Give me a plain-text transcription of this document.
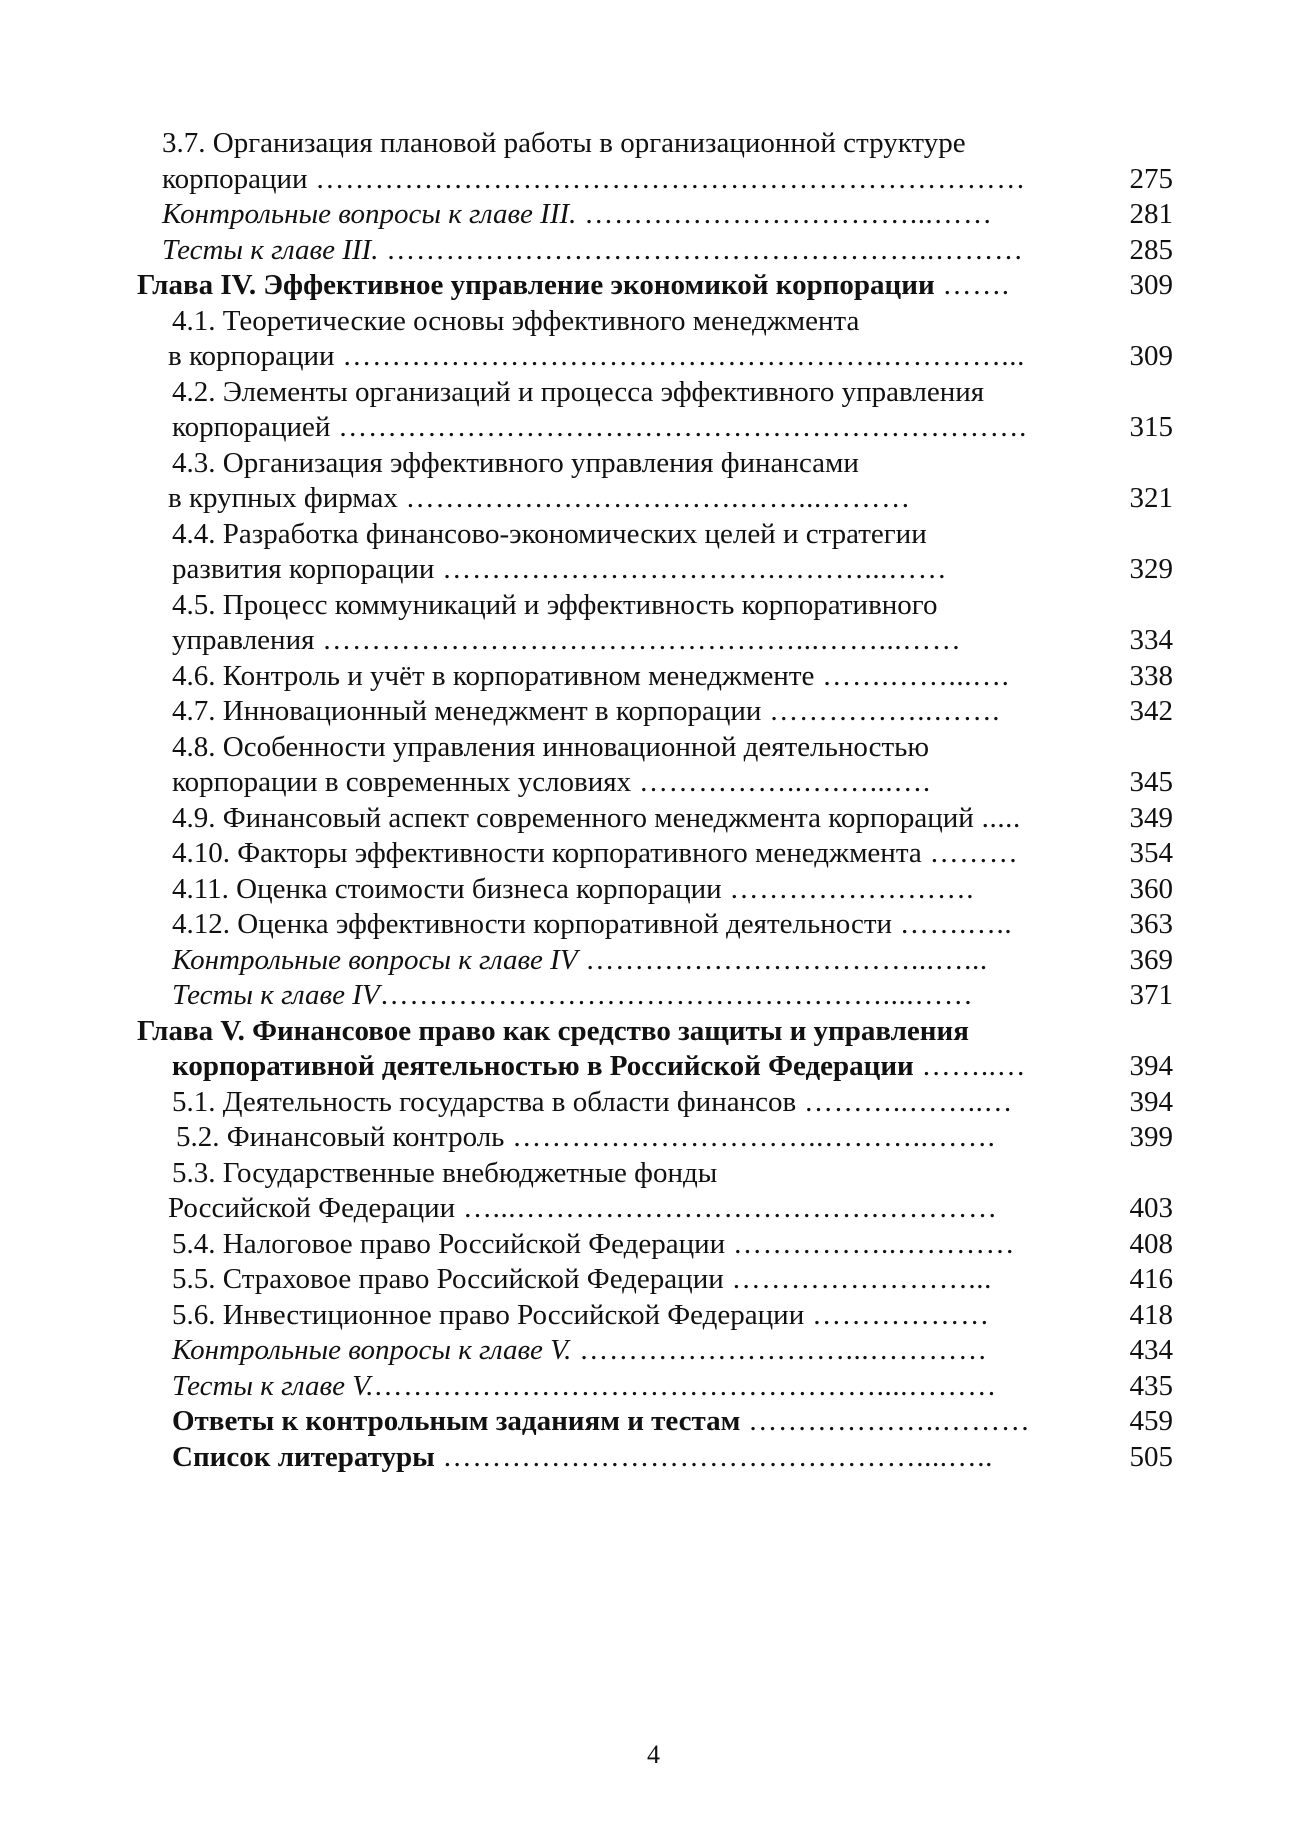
3.7. Организация плановой работы в организационной структуре
корпорации ………………………………………………………………	275
Контрольные вопросы к главе III. ……………………………...……	281
Тесты к главе III. ………………………………………………..………	285
Глава IV. Эффективное управление экономикой корпорации …….	309
4.1. Теоретические основы эффективного менеджмента
в корпорации ……………………………………………….…………...	309
4.2. Элементы организаций и процесса эффективного управления
корпорацией …………………………………………………………….	315
4.3. Организация эффективного управления финансами
в крупных фирмах …………………………….……...………	321
4.4. Разработка финансово-экономических целей и стратегии
развития корпорации …………………………….………...……	329
4.5. Процесс коммуникаций и эффективность корпоративного
управления …………………………………………...……...……	334
4.6. Контроль и учёт в корпоративном менеджменте …….……...….	338
4.7. Инновационный менеджмент в корпорации ……………..…….	342
4.8. Особенности управления инновационной деятельностью
корпорации в современных условиях ……………..….…...….	345
4.9. Финансовый аспект современного менеджмента корпораций .....	349
4.10. Факторы эффективности корпоративного менеджмента ………	354
4.11. Оценка стоимости бизнеса корпорации …………………….	360
4.12. Оценка эффективности корпоративной деятельности …….…..	363
Контрольные вопросы к главе IV ……………………………...…...	369
Тесты к главе IV……………………………………………....……	371
Глава V. Финансовое право как средство защиты и управления
корпоративной деятельностью в Российской Федерации ……..…	394
5.1. Деятельность государства в области финансов ………..……..…	394
5.2. Финансовый контроль …………………………..………..…….	399
5.3. Государственные внебюджетные фонды
Российской Федерации …...……………………………….…………	403
5.4. Налоговое право Российской Федерации ……………..…………	408
5.5. Страховое право Российской Федерации ……………………...	416
5.6. Инвестиционное право Российской Федерации ………………	418
Контрольные вопросы к главе V. ………………………...…………	434
Тесты к главе V.……………………………………………....………	435
Ответы к контрольным заданиям и тестам ………………..………	459
Список литературы …………………………………………....…..	505
4
